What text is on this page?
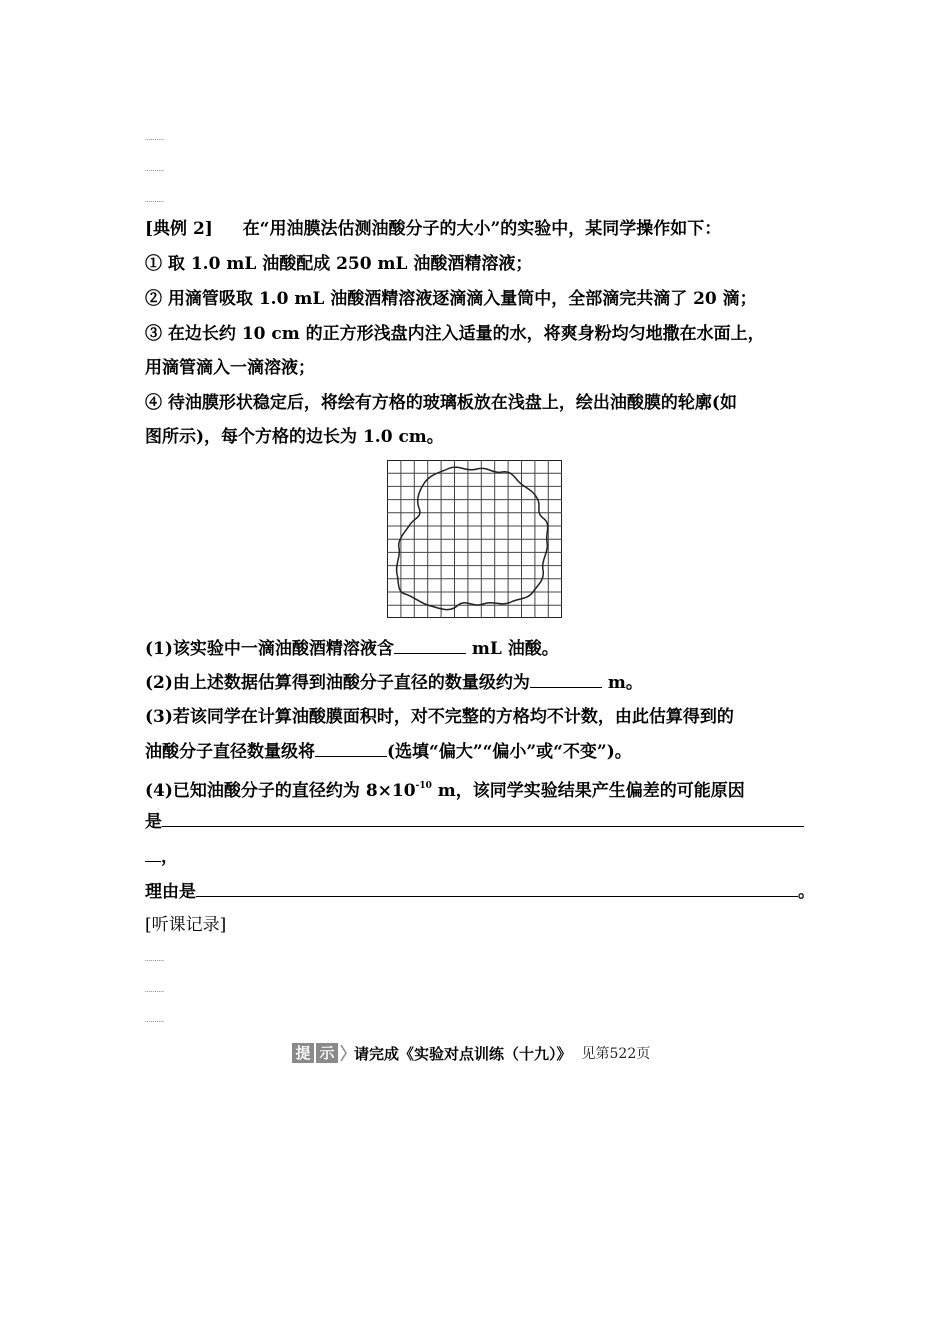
··········
··········
··········
[典例 2] 在“用油膜法估测油酸分子的大小”的实验中，某同学操作如下：
① 取 1.0 mL 油酸配成 250 mL 油酸酒精溶液；
② 用滴管吸取 1.0 mL 油酸酒精溶液逐滴滴入量筒中，全部滴完共滴了 20 滴；
③ 在边长约 10 cm 的正方形浅盘内注入适量的水，将爽身粉均匀地撒在水面上，
用滴管滴入一滴溶液；
④ 待油膜形状稳定后，将绘有方格的玻璃板放在浅盘上，绘出油酸膜的轮廓(如
图所示)，每个方格的边长为 1.0 cm。
(1)该实验中一滴油酸酒精溶液含	mL 油酸。
(2)由上述数据估算得到油酸分子直径的数量级约为	m。
(3)若该同学在计算油酸膜面积时，对不完整的方格均不计数，由此估算得到的
油酸分子直径数量级将	(选填“偏大”“偏小”或“不变”)。
(4)已知油酸分子的直径约为 $8\times 10^{-10}$ m，该同学实验结果产生偏差的可能原因
是
，
理由是	。
[听课记录]
··········
··········
··········
提 示 请完成《实验对点训练（十九）》 见第522页
